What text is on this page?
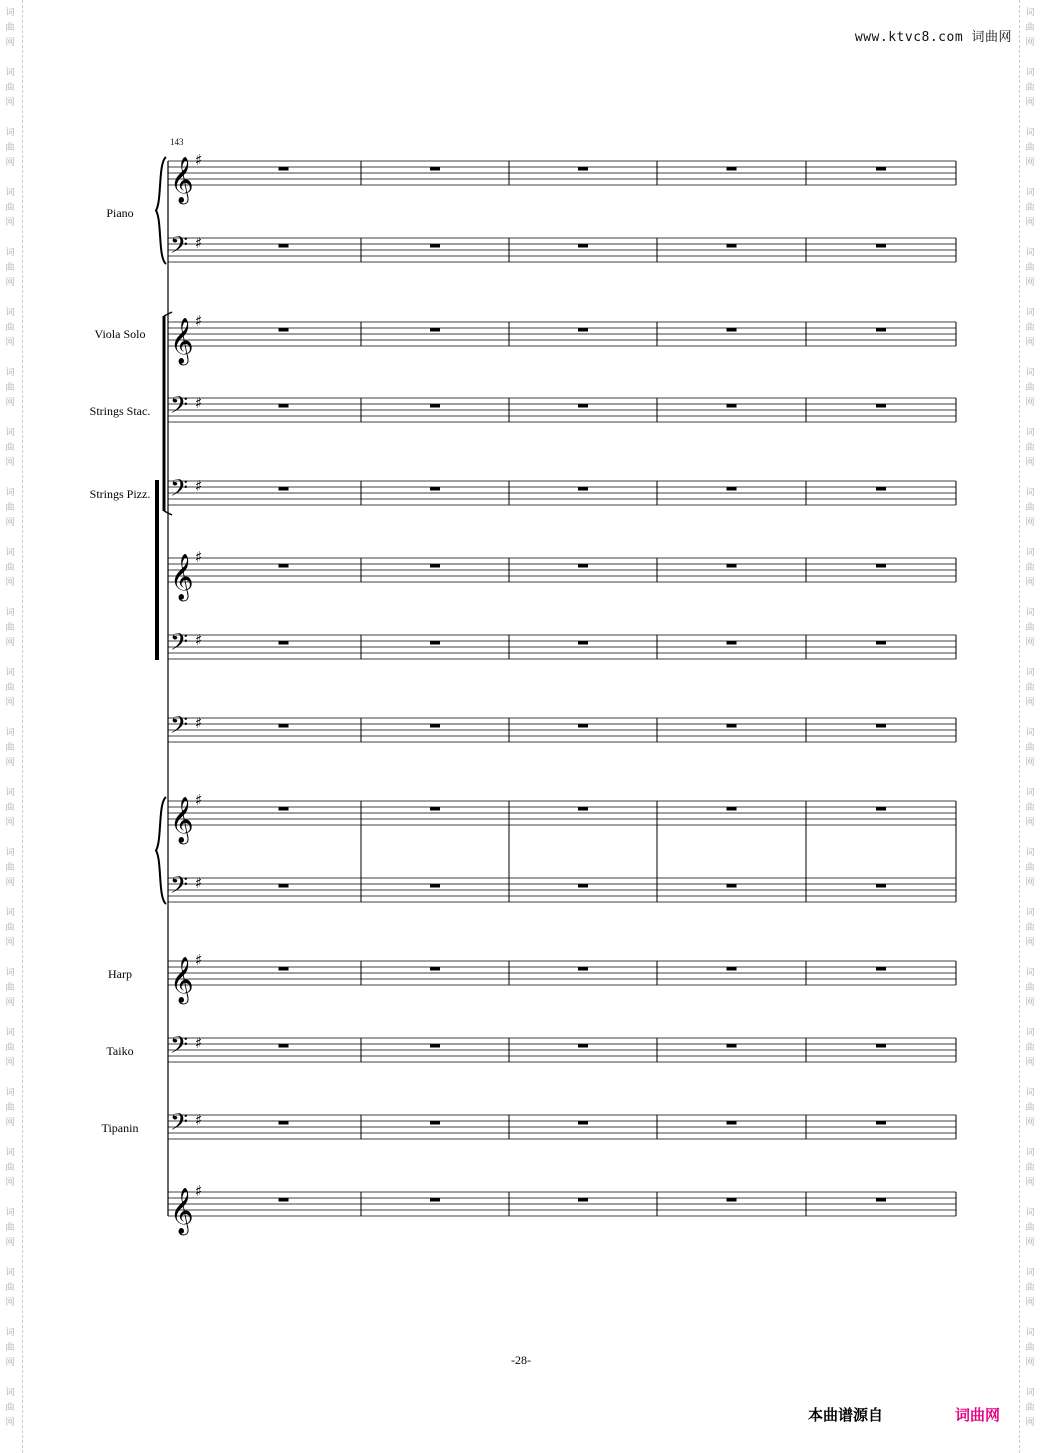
词曲网
词曲网
词曲网
词曲网
词曲网
词曲网
词曲网
词曲网
词曲网
词曲网
词曲网
词曲网
词曲网
词曲网
词曲网
词曲网
词曲网
词曲网
词曲网
词曲网
词曲网
词曲网
词曲网
词曲网
词曲网
词曲网
词曲网
词曲网
词曲网
词曲网
词曲网
词曲网
词曲网
词曲网
词曲网
词曲网
词曲网
词曲网
词曲网
词曲网
词曲网
词曲网
词曲网
词曲网
词曲网
词曲网
词曲网
词曲网
www.ktvc8.com 词曲网
143
Piano
Viola Solo
Strings Stac.
Strings Pizz.
Harp
Taiko
Tipanin
𝄞 ♯
𝄢 ♯
𝄞 ♯
𝄢 ♯
𝄢 ♯
𝄞 ♯
𝄢 ♯
𝄢 ♯
𝄞 ♯
𝄢 ♯
𝄞 ♯
𝄢 ♯
𝄢 ♯
𝄞 ♯
-28-
本曲谱源自	词曲网
